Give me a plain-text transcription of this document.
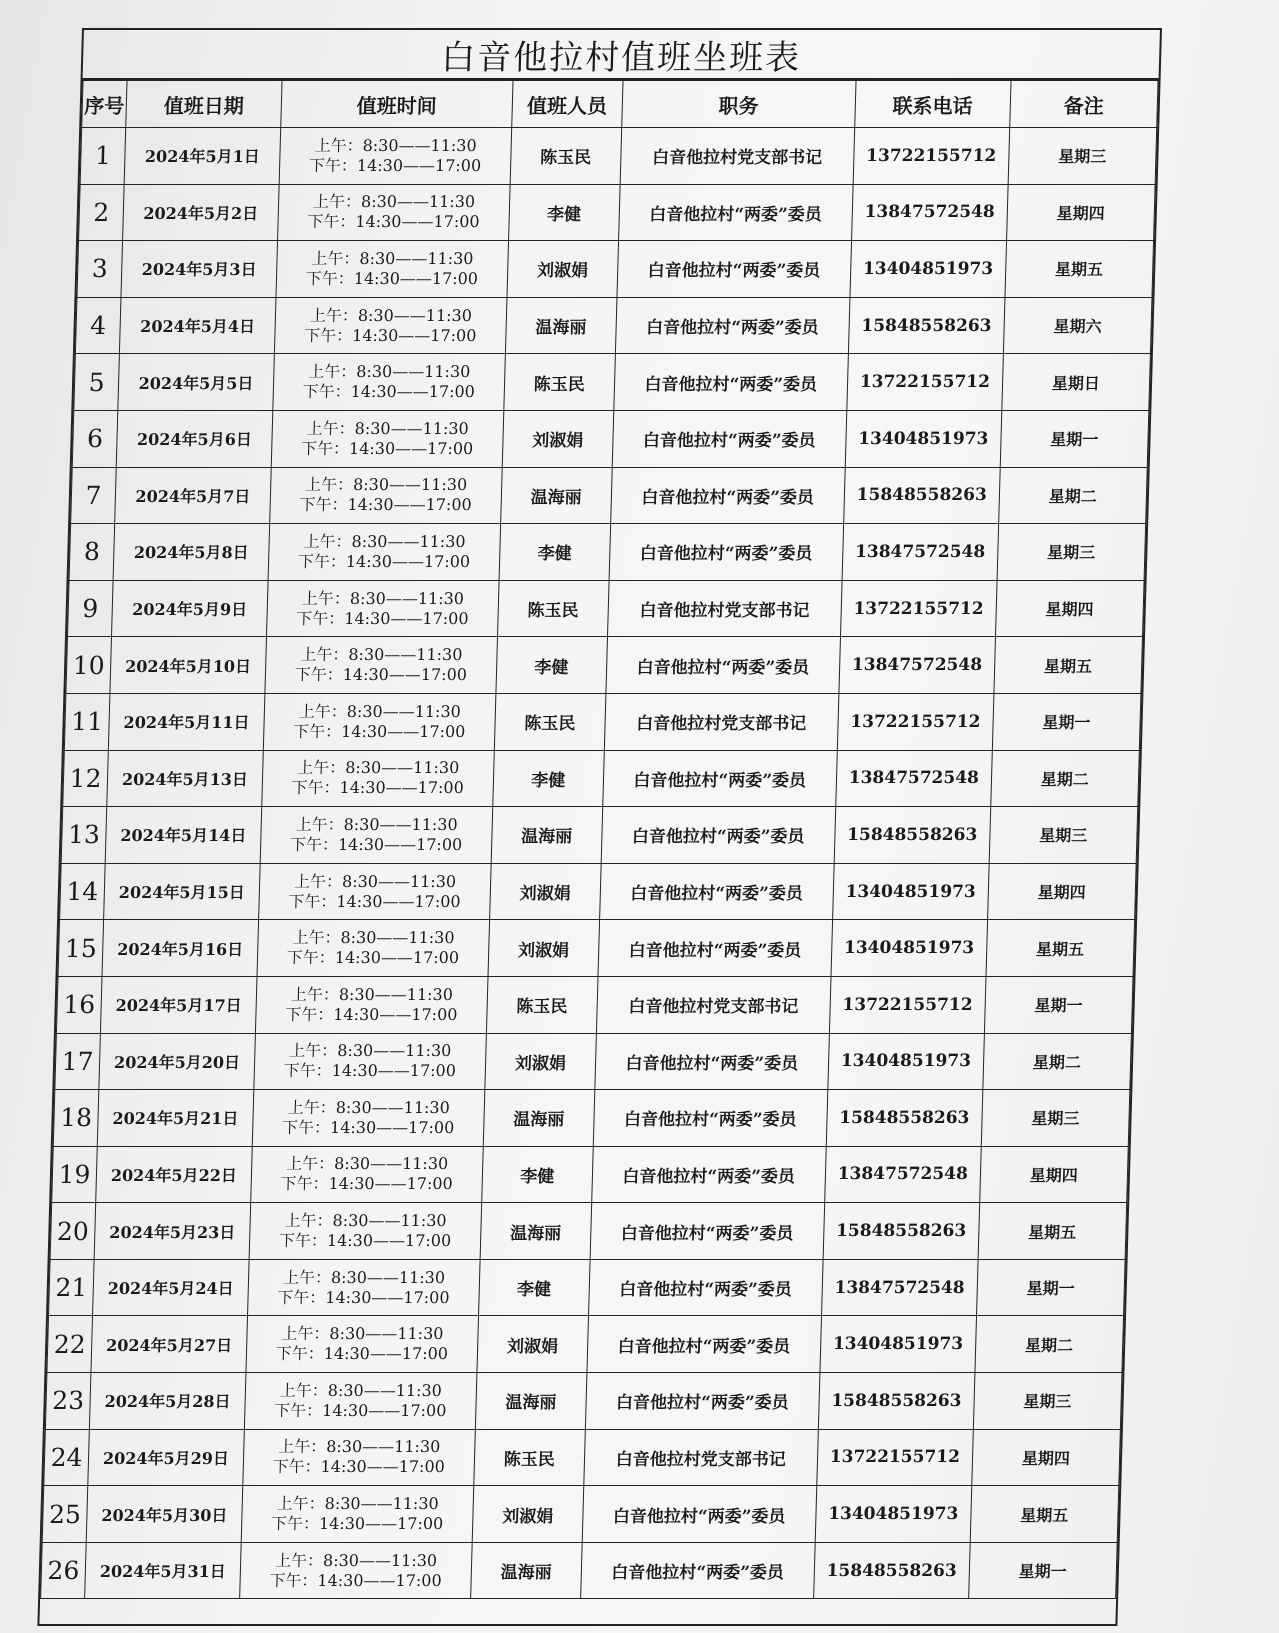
白音他拉村值班坐班表
序号	值班日期	值班时间	值班人员	职务	联系电话	备注
1	2024年5月1日	上午：8:30——11:30
下午：14:30——17:00	陈玉民	白音他拉村党支部书记	13722155712	星期三
2	2024年5月2日	上午：8:30——11:30
下午：14:30——17:00	李健	白音他拉村“两委”委员	13847572548	星期四
3	2024年5月3日	上午：8:30——11:30
下午：14:30——17:00	刘淑娟	白音他拉村“两委”委员	13404851973	星期五
4	2024年5月4日	上午：8:30——11:30
下午：14:30——17:00	温海丽	白音他拉村“两委”委员	15848558263	星期六
5	2024年5月5日	上午：8:30——11:30
下午：14:30——17:00	陈玉民	白音他拉村“两委”委员	13722155712	星期日
6	2024年5月6日	上午：8:30——11:30
下午：14:30——17:00	刘淑娟	白音他拉村“两委”委员	13404851973	星期一
7	2024年5月7日	上午：8:30——11:30
下午：14:30——17:00	温海丽	白音他拉村“两委”委员	15848558263	星期二
8	2024年5月8日	上午：8:30——11:30
下午：14:30——17:00	李健	白音他拉村“两委”委员	13847572548	星期三
9	2024年5月9日	上午：8:30——11:30
下午：14:30——17:00	陈玉民	白音他拉村党支部书记	13722155712	星期四
10	2024年5月10日	上午：8:30——11:30
下午：14:30——17:00	李健	白音他拉村“两委”委员	13847572548	星期五
11	2024年5月11日	上午：8:30——11:30
下午：14:30——17:00	陈玉民	白音他拉村党支部书记	13722155712	星期一
12	2024年5月13日	上午：8:30——11:30
下午：14:30——17:00	李健	白音他拉村“两委”委员	13847572548	星期二
13	2024年5月14日	上午：8:30——11:30
下午：14:30——17:00	温海丽	白音他拉村“两委”委员	15848558263	星期三
14	2024年5月15日	上午：8:30——11:30
下午：14:30——17:00	刘淑娟	白音他拉村“两委”委员	13404851973	星期四
15	2024年5月16日	上午：8:30——11:30
下午：14:30——17:00	刘淑娟	白音他拉村“两委”委员	13404851973	星期五
16	2024年5月17日	上午：8:30——11:30
下午：14:30——17:00	陈玉民	白音他拉村党支部书记	13722155712	星期一
17	2024年5月20日	上午：8:30——11:30
下午：14:30——17:00	刘淑娟	白音他拉村“两委”委员	13404851973	星期二
18	2024年5月21日	上午：8:30——11:30
下午：14:30——17:00	温海丽	白音他拉村“两委”委员	15848558263	星期三
19	2024年5月22日	上午：8:30——11:30
下午：14:30——17:00	李健	白音他拉村“两委”委员	13847572548	星期四
20	2024年5月23日	上午：8:30——11:30
下午：14:30——17:00	温海丽	白音他拉村“两委”委员	15848558263	星期五
21	2024年5月24日	上午：8:30——11:30
下午：14:30——17:00	李健	白音他拉村“两委”委员	13847572548	星期一
22	2024年5月27日	上午：8:30——11:30
下午：14:30——17:00	刘淑娟	白音他拉村“两委”委员	13404851973	星期二
23	2024年5月28日	上午：8:30——11:30
下午：14:30——17:00	温海丽	白音他拉村“两委”委员	15848558263	星期三
24	2024年5月29日	上午：8:30——11:30
下午：14:30——17:00	陈玉民	白音他拉村党支部书记	13722155712	星期四
25	2024年5月30日	上午：8:30——11:30
下午：14:30——17:00	刘淑娟	白音他拉村“两委”委员	13404851973	星期五
26	2024年5月31日	上午：8:30——11:30
下午：14:30——17:00	温海丽	白音他拉村“两委”委员	15848558263	星期一
